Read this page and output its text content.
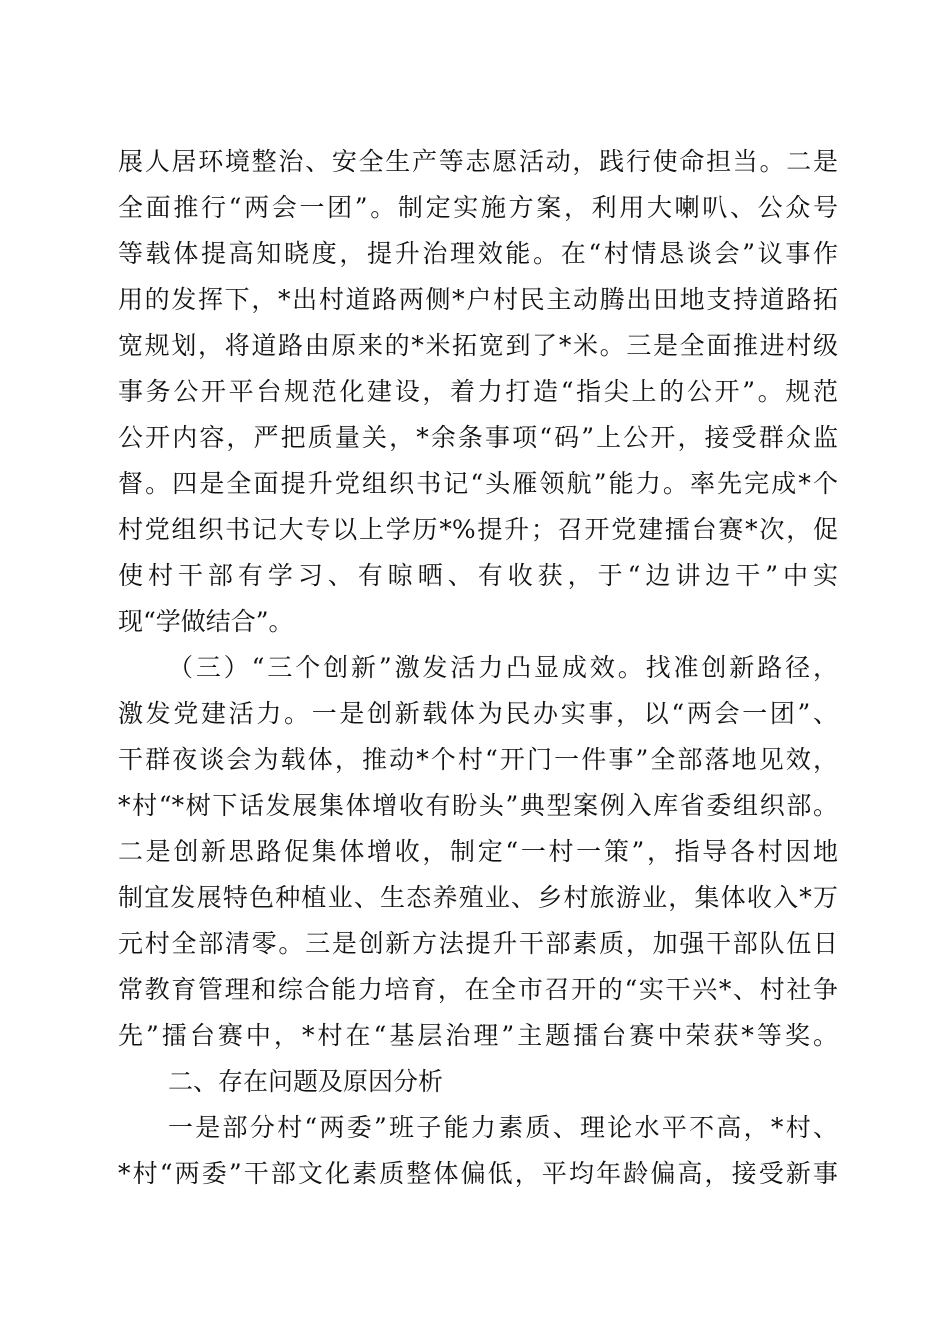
展人居环境整治、安全生产等志愿活动，践行使命担当。二是
全面推行“两会一团”。制定实施方案，利用大喇叭、公众号
等载体提高知晓度，提升治理效能。在“村情恳谈会”议事作
用的发挥下，*出村道路两侧*户村民主动腾出田地支持道路拓
宽规划，将道路由原来的*米拓宽到了*米。三是全面推进村级
事务公开平台规范化建设，着力打造“指尖上的公开”。规范
公开内容，严把质量关，*余条事项“码”上公开，接受群众监
督。四是全面提升党组织书记“头雁领航”能力。率先完成*个
村党组织书记大专以上学历*%提升；召开党建擂台赛*次，促
使村干部有学习、有晾晒、有收获，于“边讲边干”中实
现“学做结合”。
（三）“三个创新”激发活力凸显成效。找准创新路径，
激发党建活力。一是创新载体为民办实事，以“两会一团”、
干群夜谈会为载体，推动*个村“开门一件事”全部落地见效，
*村“*树下话发展集体增收有盼头”典型案例入库省委组织部。
二是创新思路促集体增收，制定“一村一策”，指导各村因地
制宜发展特色种植业、生态养殖业、乡村旅游业，集体收入*万
元村全部清零。三是创新方法提升干部素质，加强干部队伍日
常教育管理和综合能力培育，在全市召开的“实干兴*、村社争
先”擂台赛中，*村在“基层治理”主题擂台赛中荣获*等奖。
二、存在问题及原因分析
一是部分村“两委”班子能力素质、理论水平不高，*村、
*村“两委”干部文化素质整体偏低，平均年龄偏高，接受新事
